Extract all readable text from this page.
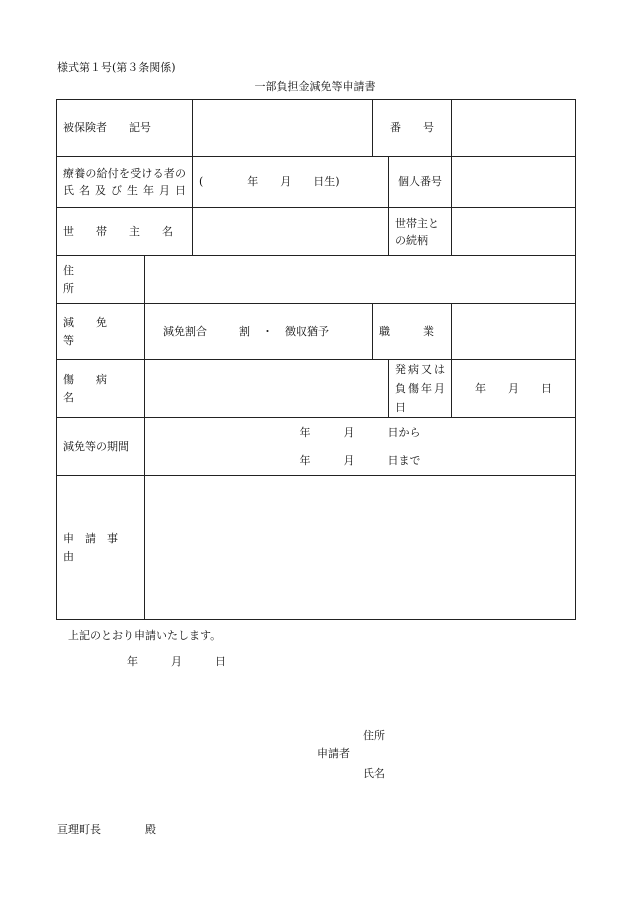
様式第１号(第３条関係)
一部負担金減免等申請書
被保険者　　記号			番　　号		
療養の給付を受ける者の氏名及び生年月日		(　　　　年　　月　　日生)		個人番号	
世　　帯　　主　　名				世帯主との続柄	
住　　　　　所					
減　　免　　等	減免割合 割 ・ 徴収猶予		職　　　業		
傷　　病　　名				発病又は負傷年月日	年　　月　　日
減免等の期間	年　　　月　　　日から
年　　　月　　　日まで				

申　請　事　由					
上記のとおり申請いたします。
年　　　月　　　日
住所
申請者
氏名
亘理町長　　　　殿
